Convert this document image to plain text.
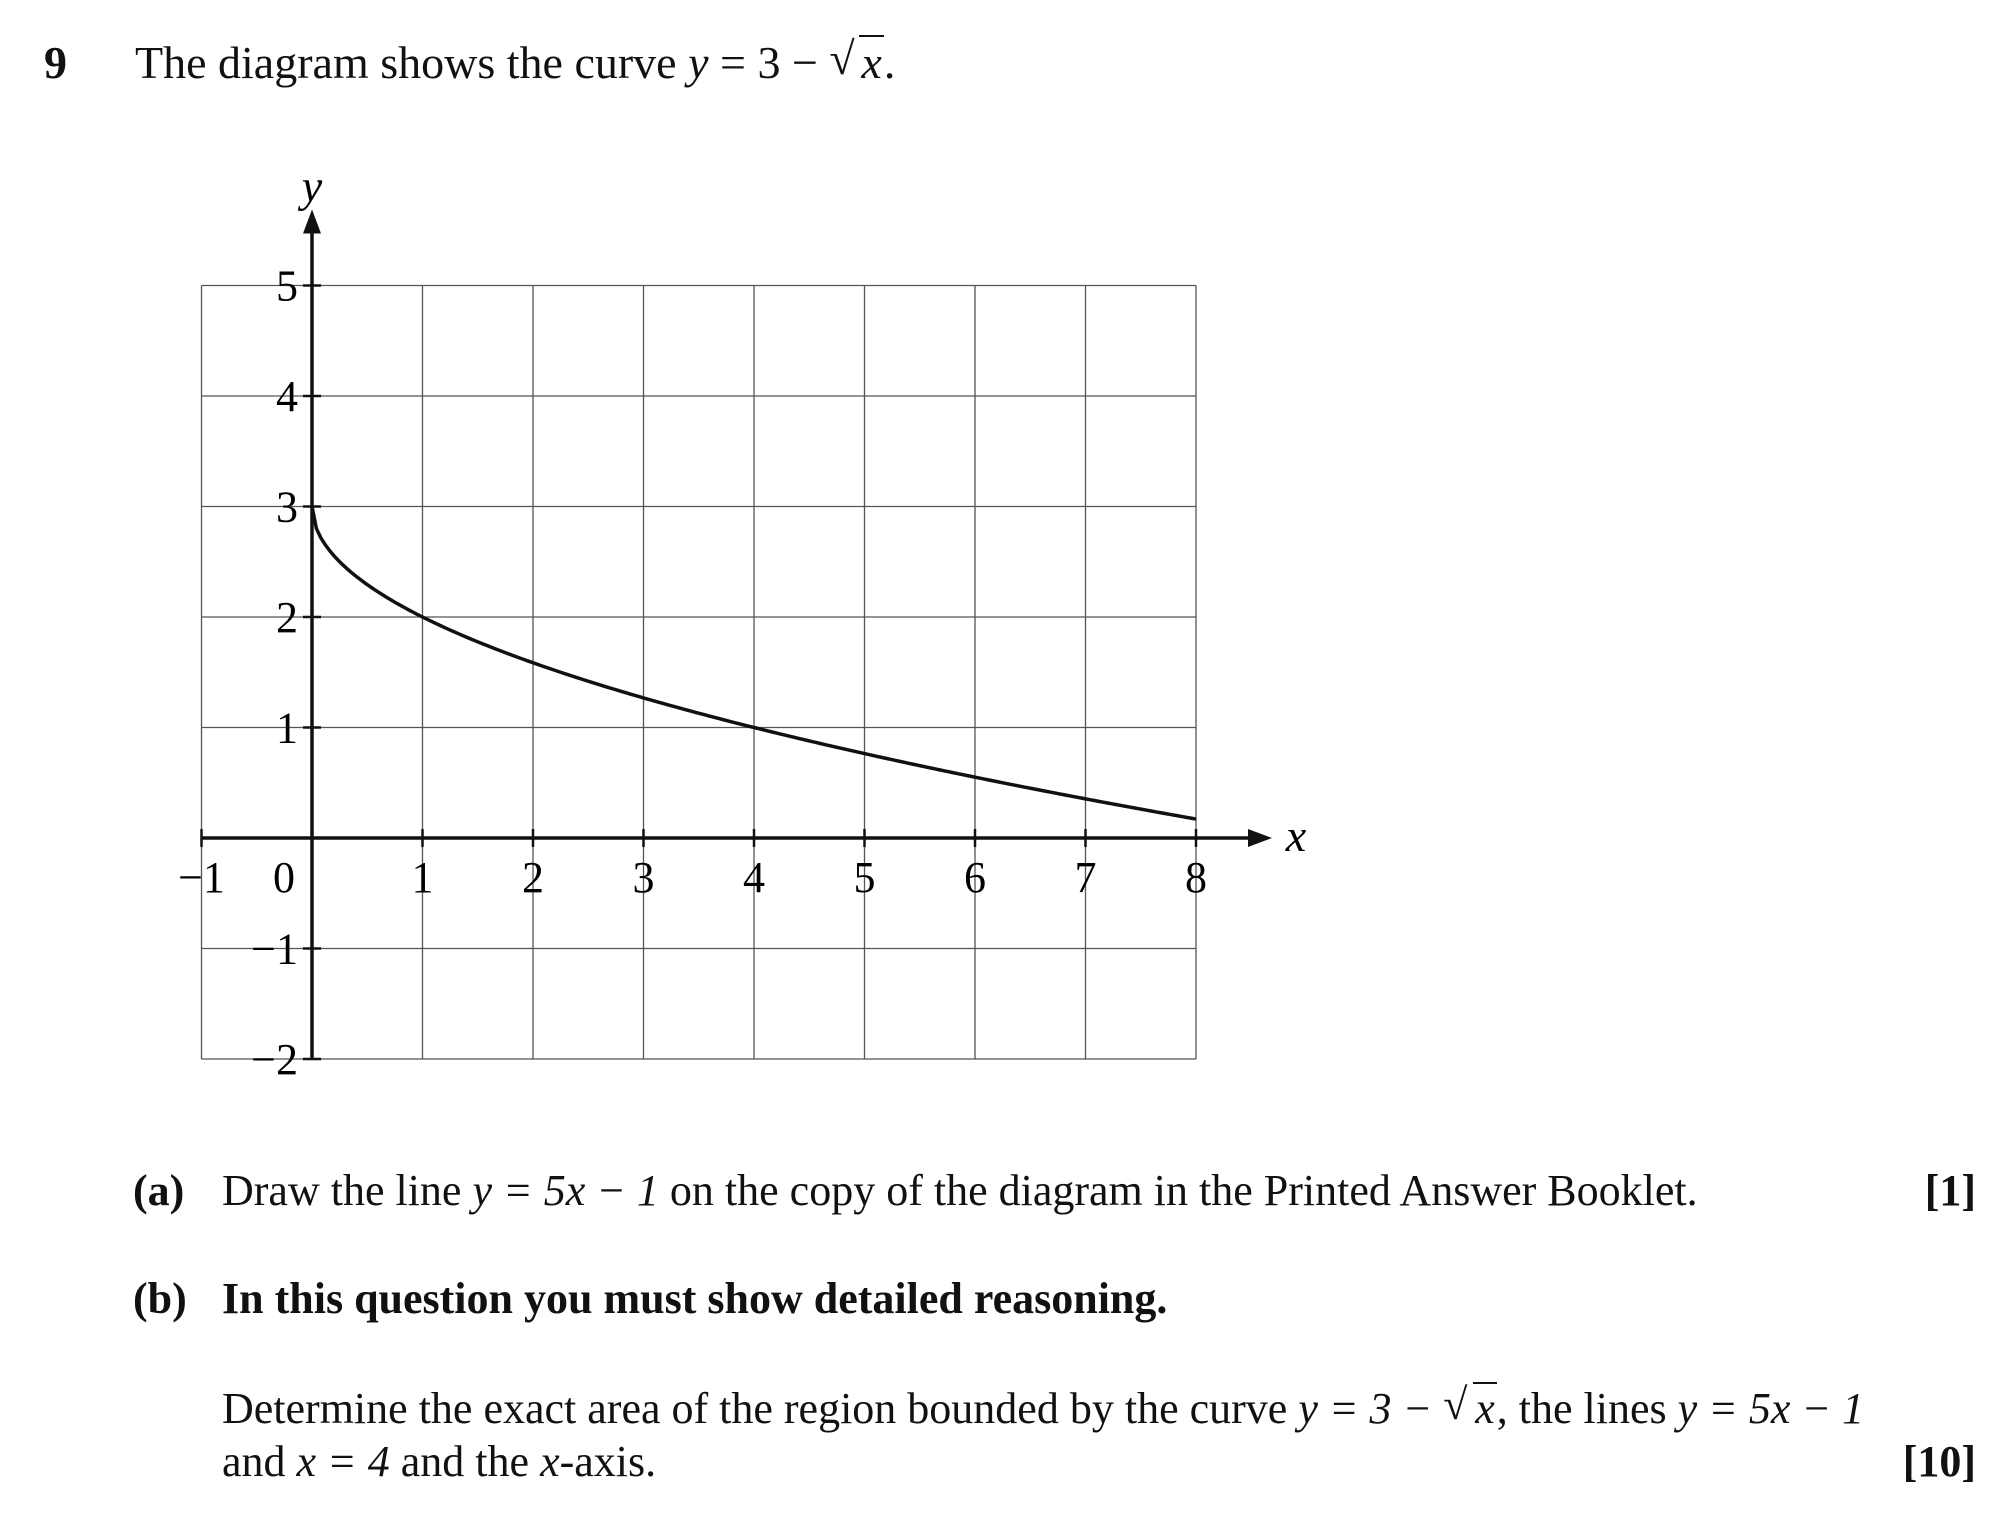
9 The diagram shows the curve y = 3 − √ x.
x
y
−1 0	1 2 3 4 5 6 7 8
5
4
3
2
1
−1
−2
(a) Draw the line y = 5x − 1 on the copy of the diagram in the Printed Answer Booklet.	[1]
(b) In this question you must show detailed reasoning.
Determine the exact area of the region bounded by the curve y = 3 − √ x, the lines y = 5x − 1
and x = 4 and the x-axis.	[10]
